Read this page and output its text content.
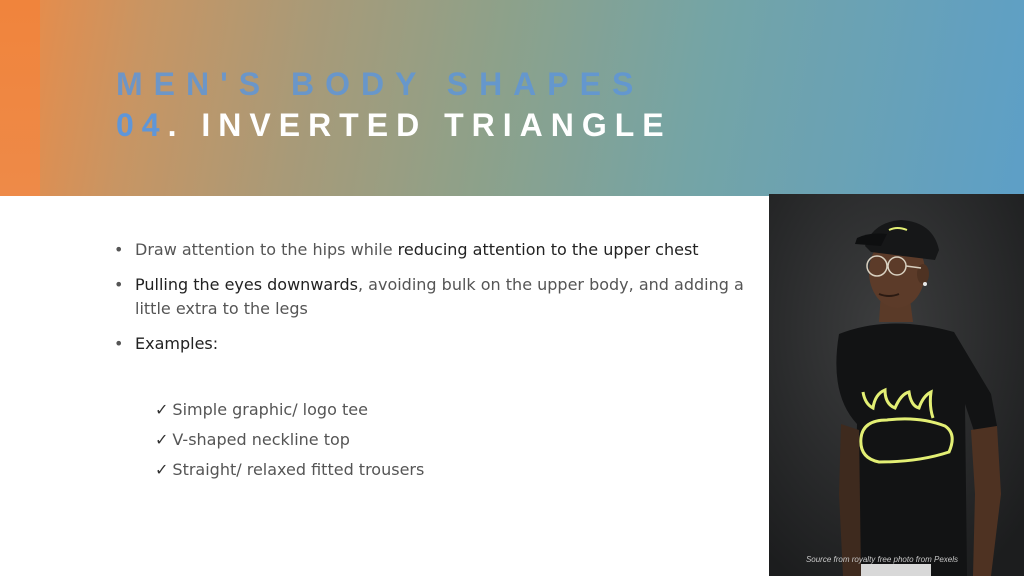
MEN'S BODY SHAPES
04. INVERTED TRIANGLE
• Draw attention to the hips while reducing attention to the upper chest
• Pulling the eyes downwards, avoiding bulk on the upper body, and adding a little extra to the legs
• Examples:
✓ Simple graphic/ logo tee
✓ V-shaped neckline top
✓ Straight/ relaxed fitted trousers
Source from royalty free photo from Pexels
